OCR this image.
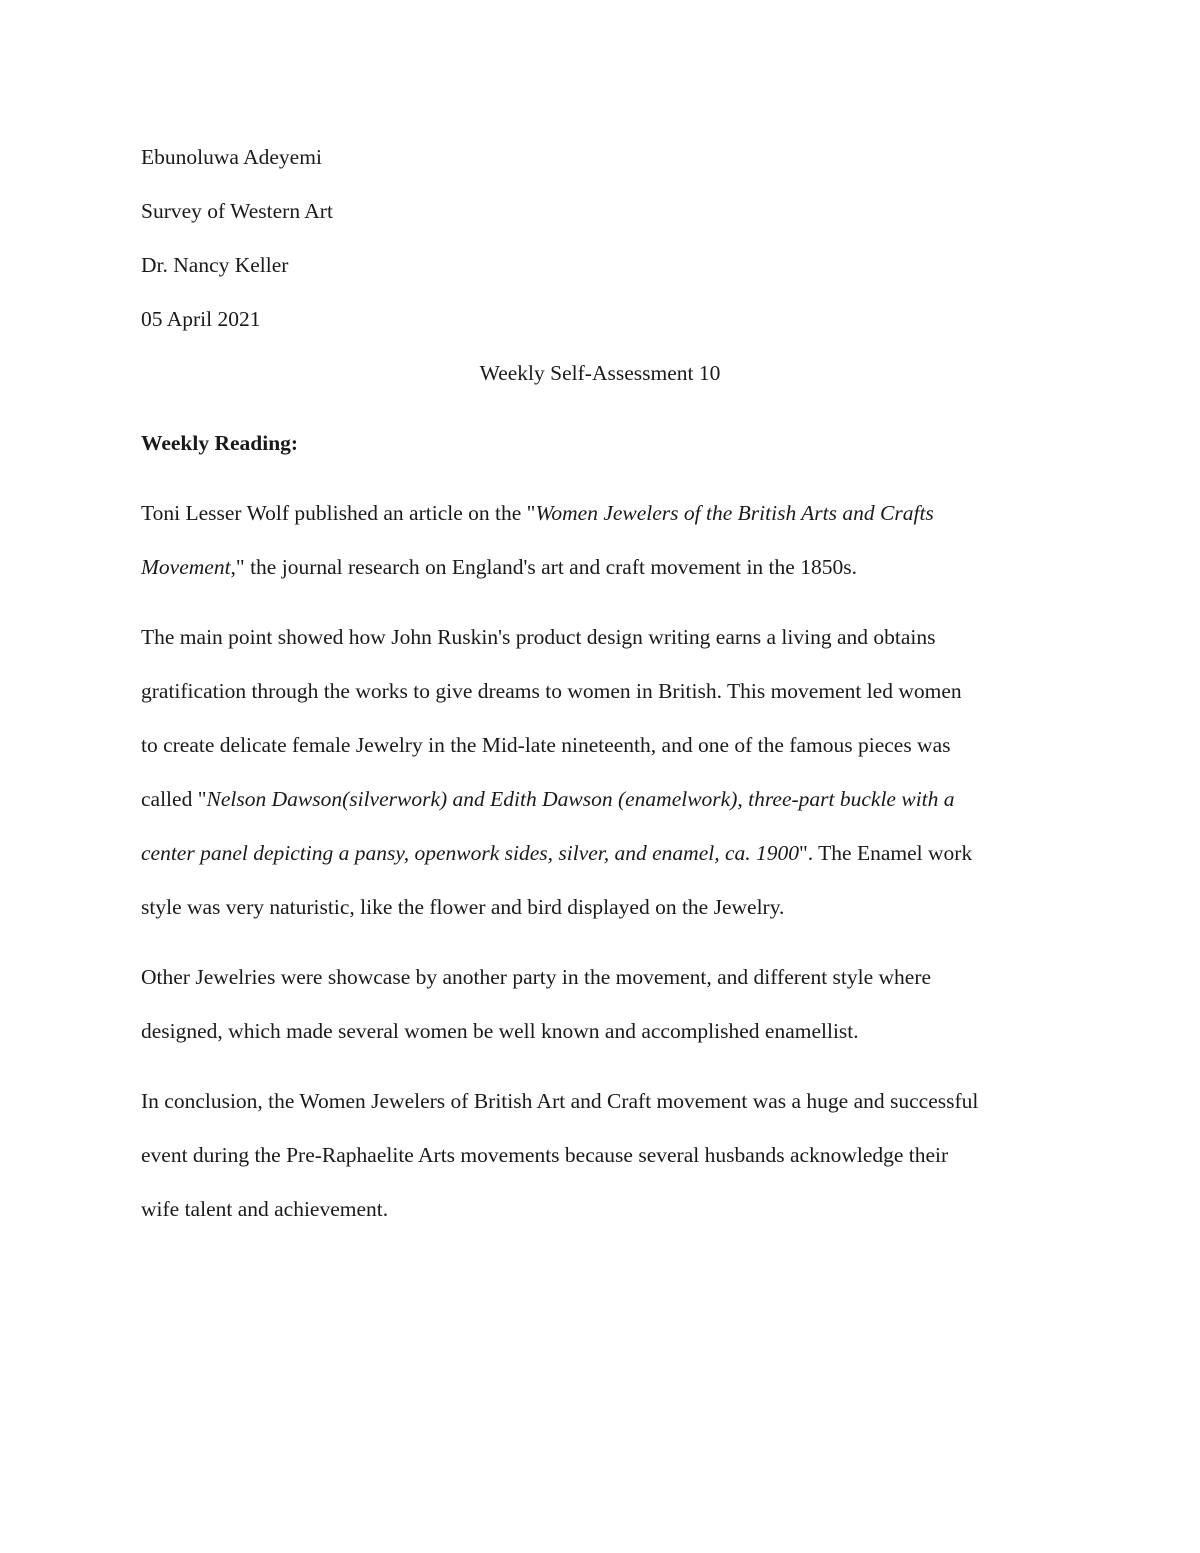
Ebunoluwa Adeyemi

Survey of Western Art

Dr. Nancy Keller

05 April 2021

Weekly Self-Assessment 10

Weekly Reading:

Toni Lesser Wolf published an article on the "Women Jewelers of the British Arts and Crafts

Movement," the journal research on England's art and craft movement in the 1850s.

The main point showed how John Ruskin's product design writing earns a living and obtains

gratification through the works to give dreams to women in British. This movement led women

to create delicate female Jewelry in the Mid-late nineteenth, and one of the famous pieces was

called "Nelson Dawson(silverwork) and Edith Dawson (enamelwork), three-part buckle with a

center panel depicting a pansy, openwork sides, silver, and enamel, ca. 1900". The Enamel work

style was very naturistic, like the flower and bird displayed on the Jewelry.

Other Jewelries were showcase by another party in the movement, and different style where

designed, which made several women be well known and accomplished enamellist.

In conclusion, the Women Jewelers of British Art and Craft movement was a huge and successful

event during the Pre-Raphaelite Arts movements because several husbands acknowledge their

wife talent and achievement.
